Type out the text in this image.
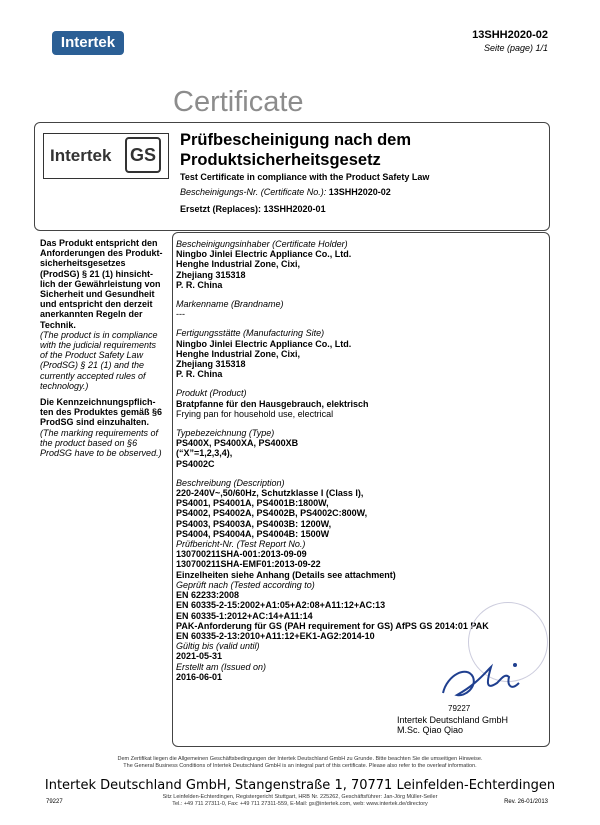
Intertek	13SHH2020-02
Seite (page) 1/1
Certificate
Intertek GS
Prüfbescheinigung nach dem
Produktsicherheitsgesetz
Test Certificate in compliance with the Product Safety Law
Bescheinigungs-Nr. (Certificate No.): 13SHH2020-02
Ersetzt (Replaces): 13SHH2020-01
Das Produkt entspricht den
Anforderungen des Produkt-
sicherheitsgesetzes
(ProdSG) § 21 (1) hinsicht-
lich der Gewährleistung von
Sicherheit und Gesundheit
und entspricht den derzeit
anerkannten Regeln der
Technik.
(The product is in compliance
with the judicial requirements
of the Product Safety Law
(ProdSG) § 21 (1) and the
currently accepted rules of
technology.)
Die Kennzeichnungspflich-
ten des Produktes gemäß §6
ProdSG sind einzuhalten.
(The marking requirements of
the product based on §6
ProdSG have to be observed.)
Bescheinigungsinhaber (Certificate Holder)
Ningbo Jinlei Electric Appliance Co., Ltd.
Henghe Industrial Zone, Cixi,
Zhejiang 315318
P. R. China
Markenname (Brandname)
---
Fertigungsstätte (Manufacturing Site)
Ningbo Jinlei Electric Appliance Co., Ltd.
Henghe Industrial Zone, Cixi,
Zhejiang 315318
P. R. China
Produkt (Product)
Bratpfanne für den Hausgebrauch, elektrisch
Frying pan for household use, electrical
Typebezeichnung (Type)
PS400X, PS400XA, PS400XB
(“X”=1,2,3,4),
PS4002C
Beschreibung (Description)
220-240V~,50/60Hz, Schutzklasse I (Class I),
PS4001, PS4001A, PS4001B:1800W,
PS4002, PS4002A, PS4002B, PS4002C:800W,
PS4003, PS4003A, PS4003B: 1200W,
PS4004, PS4004A, PS4004B: 1500W
Prüfbericht-Nr. (Test Report No.)
130700211SHA-001:2013-09-09
130700211SHA-EMF01:2013-09-22
Einzelheiten siehe Anhang (Details see attachment)
Geprüft nach (Tested according to)
EN 62233:2008
EN 60335-2-15:2002+A1:05+A2:08+A11:12+AC:13
EN 60335-1:2012+AC:14+A11:14
PAK-Anforderung für GS (PAH requirement for GS) AfPS GS 2014:01 PAK
EN 60335-2-13:2010+A11:12+EK1-AG2:2014-10
Gültig bis (valid until)
2021-05-31
Erstellt am (Issued on)
2016-06-01
79227
Intertek Deutschland GmbH
M.Sc. Qiao Qiao
Dem Zertifikat liegen die Allgemeinen Geschäftsbedingungen der Intertek Deutschland GmbH zu Grunde. Bitte beachten Sie die umseitigen Hinweise.
The General Business Conditions of Intertek Deutschland GmbH is an integral part of this certificate. Please also refer to the overleaf information.
Intertek Deutschland GmbH, Stangenstraße 1, 70771 Leinfelden-Echterdingen
Sitz Leinfelden-Echterdingen, Registergericht Stuttgart, HRB Nr. 225262, Geschäftsführer: Jan-Jörg Müller-Seiler
Tel.: +49 711 27311-0, Fax: +49 711 27311-559, E-Mail: gs@intertek.com, web: www.intertek.de/directory
79227	Rev. 26-01/2013
